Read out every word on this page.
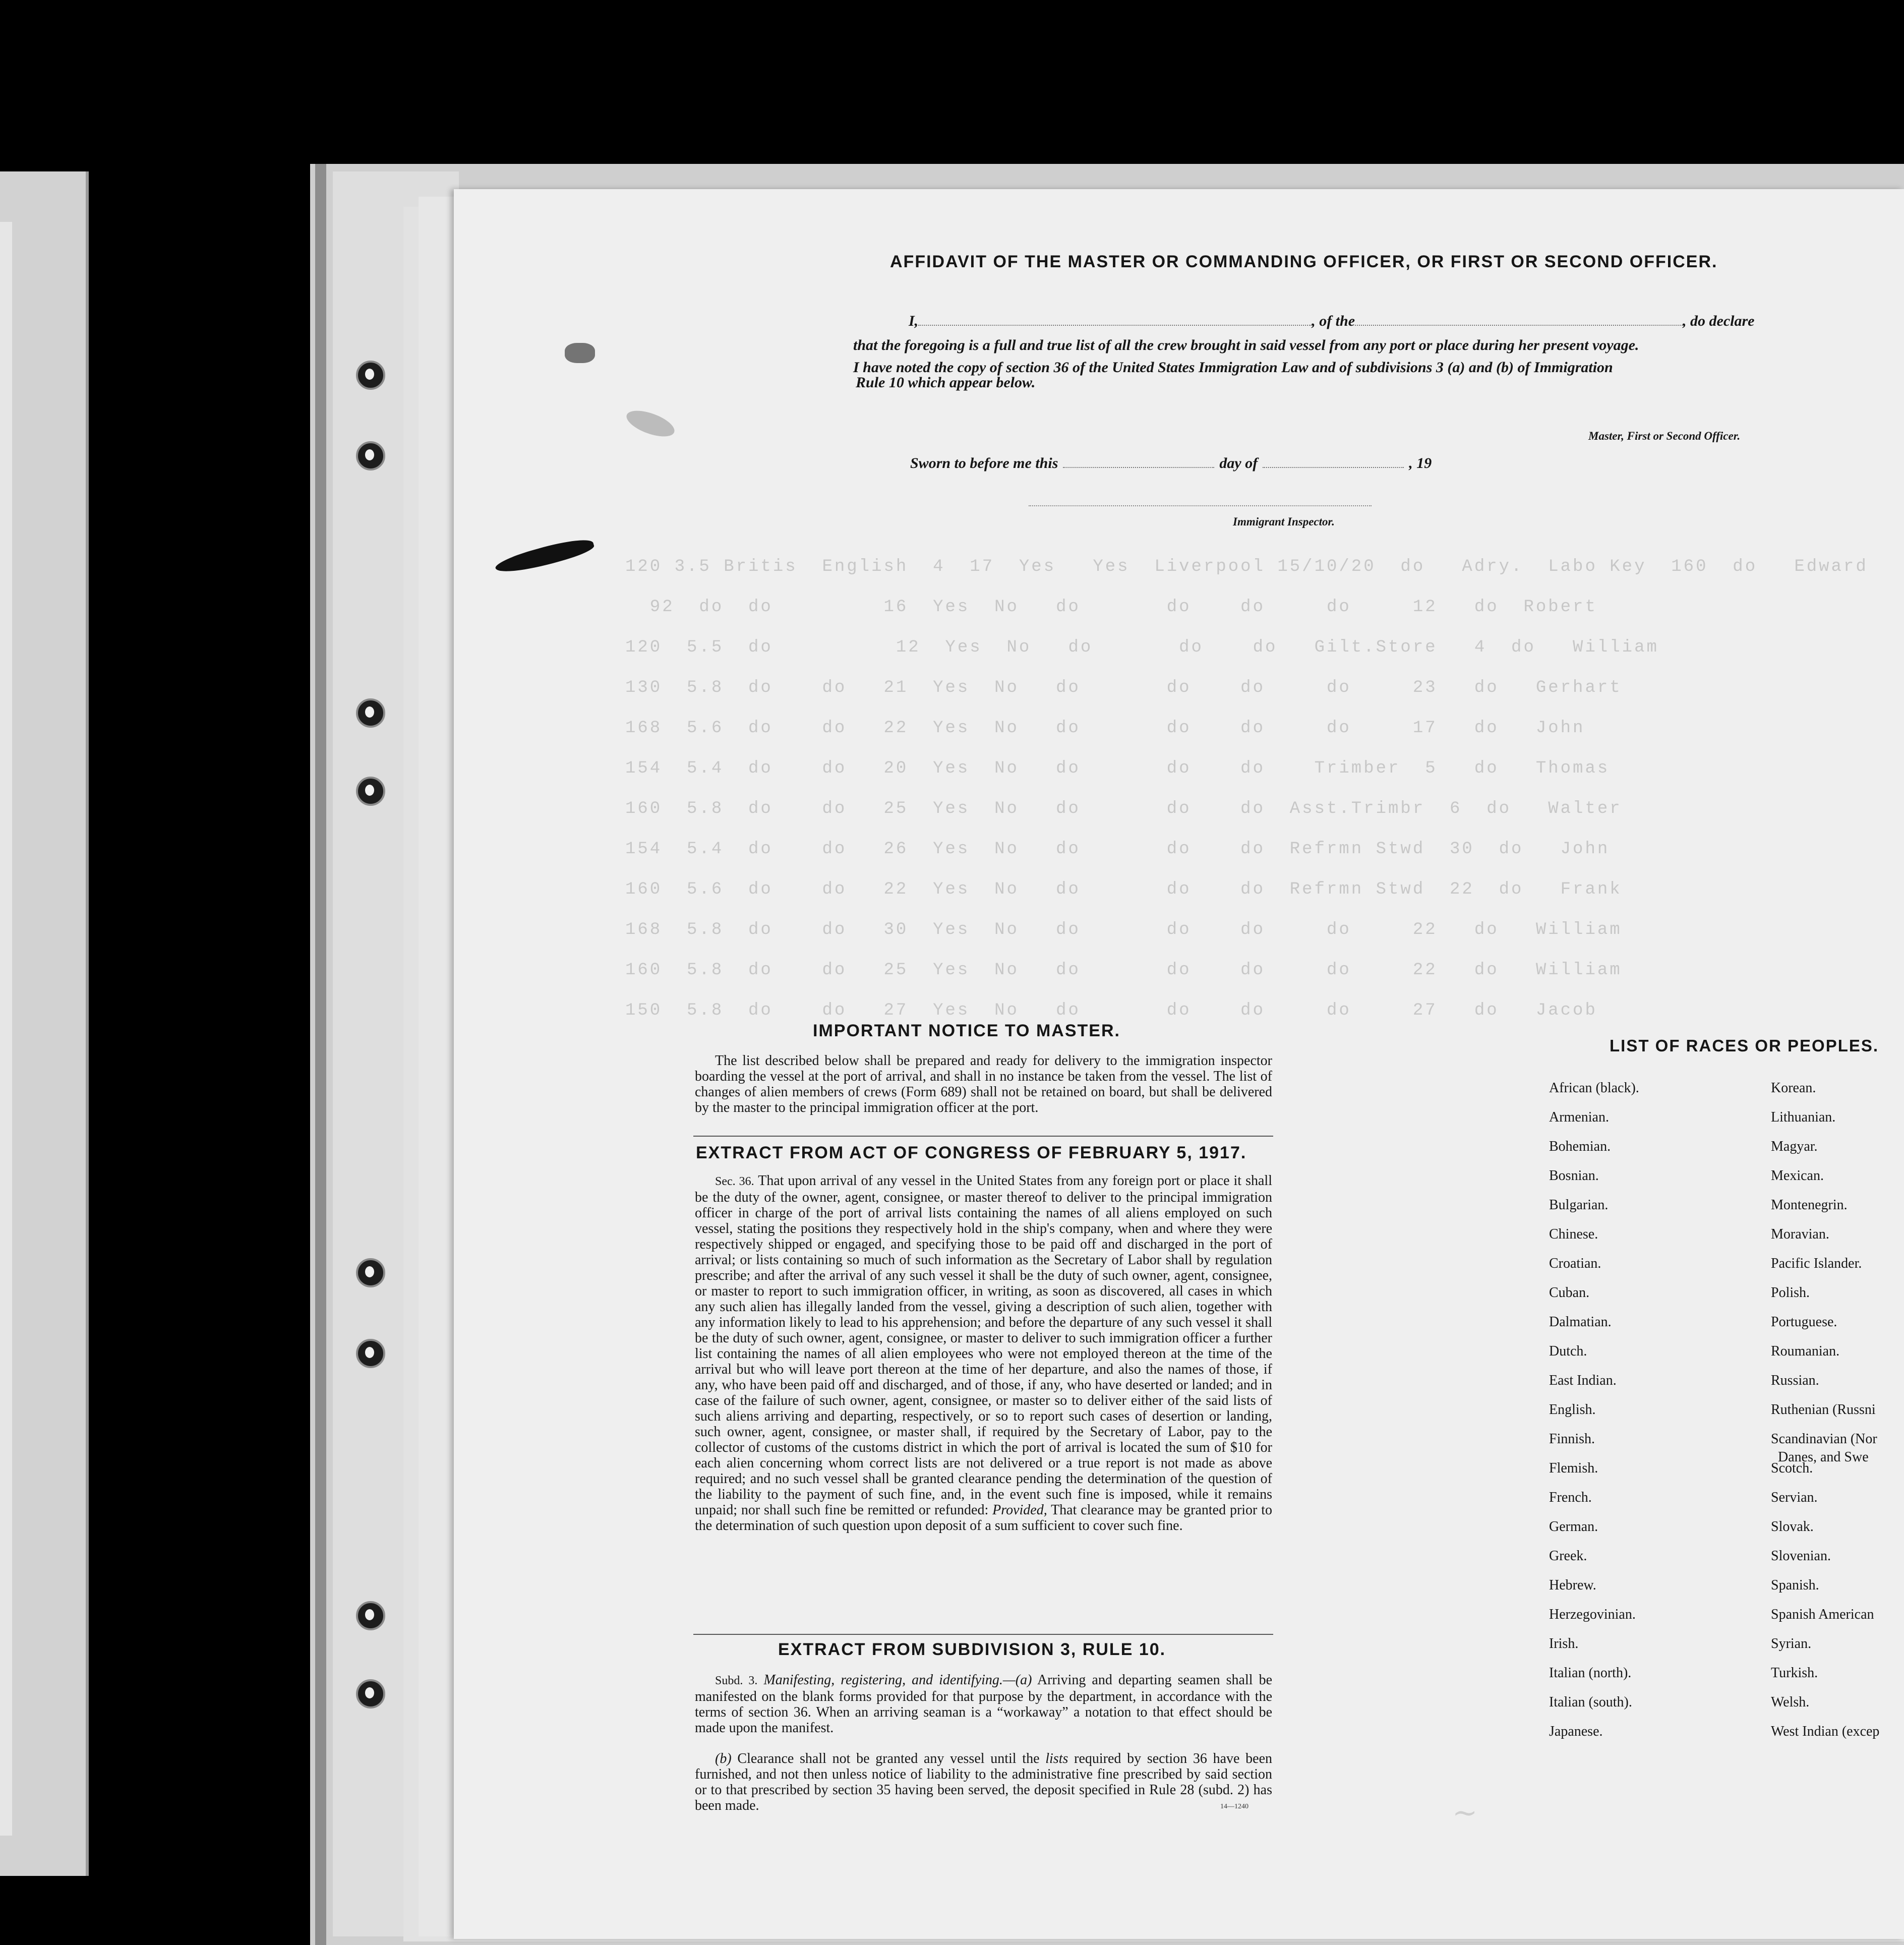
120 3.5 Britis  English  4  17  Yes   Yes  Liverpool 15/10/20  do   Adry.  Labo Key  160  do   Edward
92  do  do         16  Yes  No   do       do    do     do     12   do  Robert
120  5.5  do          12  Yes  No   do       do    do   Gilt.Store   4  do   William
130  5.8  do    do   21  Yes  No   do       do    do     do     23   do   Gerhart
168  5.6  do    do   22  Yes  No   do       do    do     do     17   do   John
154  5.4  do    do   20  Yes  No   do       do    do    Trimber  5   do   Thomas
160  5.8  do    do   25  Yes  No   do       do    do  Asst.Trimbr  6  do   Walter
154  5.4  do    do   26  Yes  No   do       do    do  Refrmn Stwd  30  do   John
160  5.6  do    do   22  Yes  No   do       do    do  Refrmn Stwd  22  do   Frank
168  5.8  do    do   30  Yes  No   do       do    do     do     22   do   William
160  5.8  do    do   25  Yes  No   do       do    do     do     22   do   William
150  5.8  do    do   27  Yes  No   do       do    do     do     27   do   Jacob
AFFIDAVIT OF THE MASTER OR COMMANDING OFFICER, OR FIRST OR SECOND OFFICER.
I,	, of the	, do declare
that the foregoing is a full and true list of all the crew brought in said vessel from any port or place during her present voyage.
I have noted the copy of section 36 of the United States Immigration Law and of subdivisions 3 (a) and (b) of Immigration
Rule 10 which appear below.
Master, First or Second Officer.
Sworn to before me this	day of	, 19
Immigrant Inspector.
IMPORTANT NOTICE TO MASTER.
The list described below shall be prepared and ready for delivery to the immigration inspector boarding the vessel at the port of arrival, and shall in no instance be taken from the vessel. The list of changes of alien members of crews (Form 689) shall not be retained on board, but shall be delivered by the master to the principal immigration officer at the port.
EXTRACT FROM ACT OF CONGRESS OF FEBRUARY 5, 1917.
Sec. 36. That upon arrival of any vessel in the United States from any foreign port or place it shall be the duty of the owner, agent, consignee, or master thereof to deliver to the principal immigration officer in charge of the port of arrival lists containing the names of all aliens employed on such vessel, stating the positions they respectively hold in the ship's company, when and where they were respectively shipped or engaged, and specifying those to be paid off and discharged in the port of arrival; or lists containing so much of such information as the Secretary of Labor shall by regulation prescribe; and after the arrival of any such vessel it shall be the duty of such owner, agent, consignee, or master to report to such immigration officer, in writing, as soon as discovered, all cases in which any such alien has illegally landed from the vessel, giving a description of such alien, together with any information likely to lead to his apprehension; and before the departure of any such vessel it shall be the duty of such owner, agent, consignee, or master to deliver to such immigration officer a further list containing the names of all alien employees who were not employed thereon at the time of the arrival but who will leave port thereon at the time of her departure, and also the names of those, if any, who have been paid off and discharged, and of those, if any, who have deserted or landed; and in case of the failure of such owner, agent, consignee, or master so to deliver either of the said lists of such aliens arriving and departing, respectively, or so to report such cases of desertion or landing, such owner, agent, consignee, or master shall, if required by the Secretary of Labor, pay to the collector of customs of the customs district in which the port of arrival is located the sum of $10 for each alien concerning whom correct lists are not delivered or a true report is not made as above required; and no such vessel shall be granted clearance pending the determination of the question of the liability to the payment of such fine, and, in the event such fine is imposed, while it remains unpaid; nor shall such fine be remitted or refunded: Provided, That clearance may be granted prior to the determination of such question upon deposit of a sum sufficient to cover such fine.
EXTRACT FROM SUBDIVISION 3, RULE 10.
Subd. 3. Manifesting, registering, and identifying.—(a) Arriving and departing seamen shall be manifested on the blank forms provided for that purpose by the department, in accordance with the terms of section 36. When an arriving seaman is a “workaway” a notation to that effect should be made upon the manifest.
(b) Clearance shall not be granted any vessel until the lists required by section 36 have been furnished, and not then unless notice of liability to the administrative fine prescribed by said section or to that prescribed by section 35 having been served, the deposit specified in Rule 28 (subd. 2) has been made.	14—1240
LIST OF RACES OR PEOPLES.
African (black).
Armenian.
Bohemian.
Bosnian.
Bulgarian.
Chinese.
Croatian.
Cuban.
Dalmatian.
Dutch.
East Indian.
English.
Finnish.
Flemish.
French.
German.
Greek.
Hebrew.
Herzegovinian.
Irish.
Italian (north).
Italian (south).
Japanese.
Korean.
Lithuanian.
Magyar.
Mexican.
Montenegrin.
Moravian.
Pacific Islander.
Polish.
Portuguese.
Roumanian.
Russian.
Ruthenian (Russni
Scandinavian (Nor
Danes, and Swe
Scotch.
Servian.
Slovak.
Slovenian.
Spanish.
Spanish American
Syrian.
Turkish.
Welsh.
West Indian (excep
~
